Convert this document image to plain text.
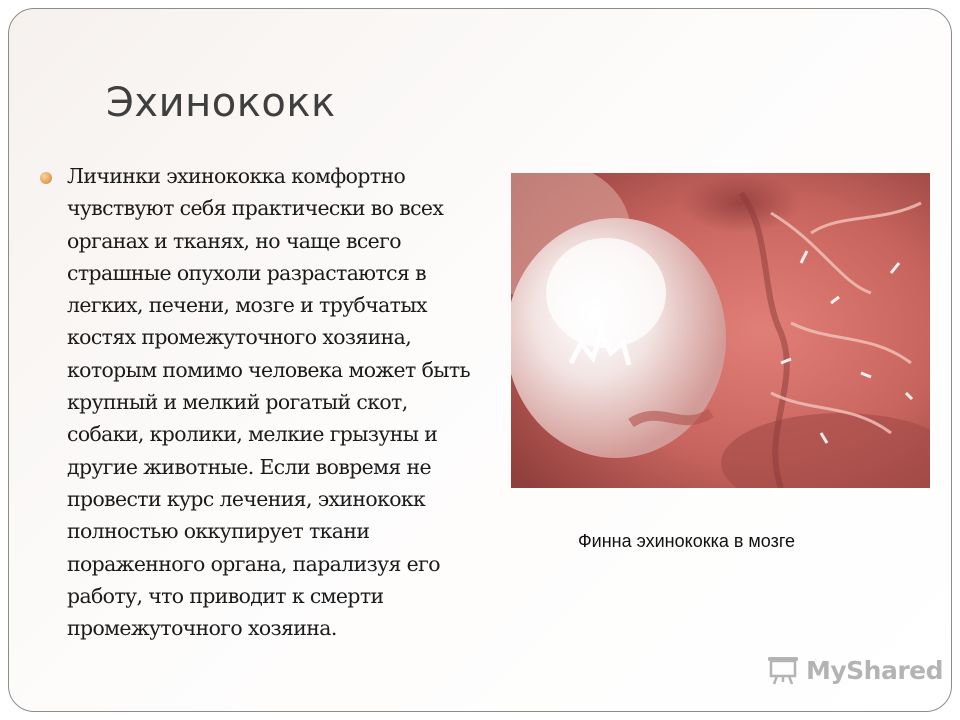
Эхинококк
Личинки эхинококка комфортно чувствуют себя практически во всех органах и тканях, но чаще всего страшные опухоли разрастаются в легких, печени, мозге и трубчатых костях промежуточного хозяина, которым помимо человека может быть крупный и мелкий рогатый скот, собаки, кролики, мелкие грызуны и другие животные. Если вовремя не провести курс лечения, эхинококк полностью оккупирует ткани пораженного органа, парализуя его работу, что приводит к смерти промежуточного хозяина.
Финна эхинококка в мозге
MyShared
